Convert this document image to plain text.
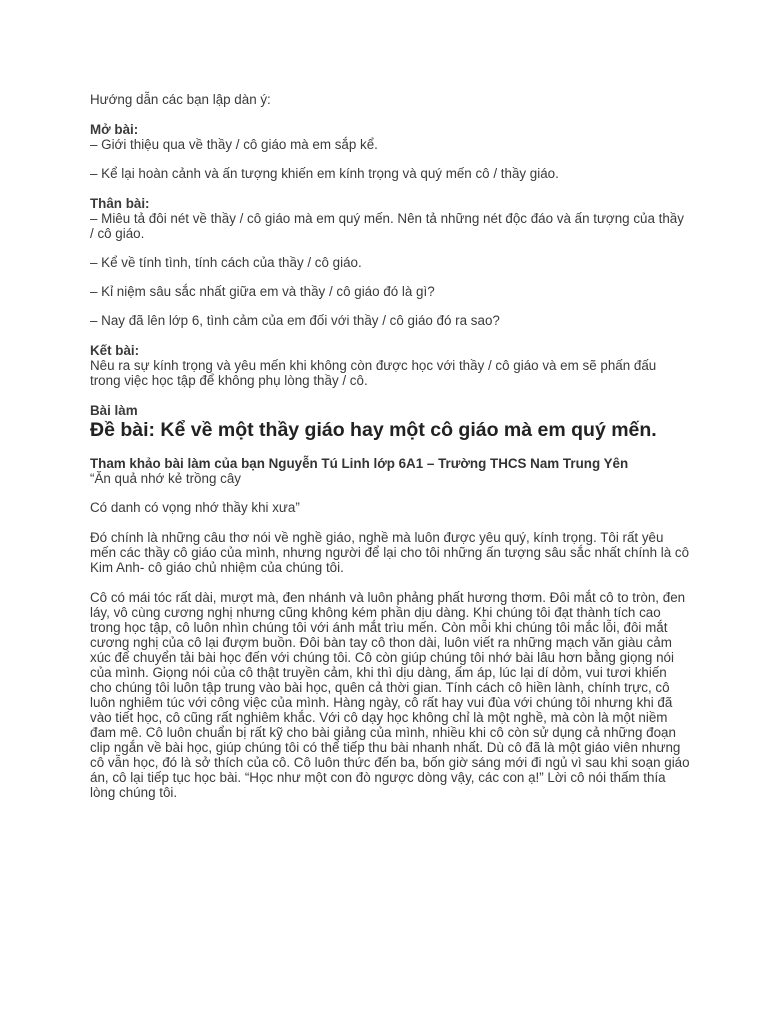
Hướng dẫn các bạn lập dàn ý:

Mở bài:

– Giới thiệu qua về thầy / cô giáo mà em sắp kể.

– Kể lại hoàn cảnh và ấn tượng khiến em kính trọng và quý mến cô / thầy giáo.

Thân bài:

– Miêu tả đôi nét về thầy / cô giáo mà em quý mến. Nên tả những nét độc đáo và ấn tượng của thầy / cô giáo.

– Kể về tính tình, tính cách của thầy / cô giáo.

– Kỉ niệm sâu sắc nhất giữa em và thầy / cô giáo đó là gì?

– Nay đã lên lớp 6, tình cảm của em đối với thầy / cô giáo đó ra sao?

Kết bài:

Nêu ra sự kính trọng và yêu mến khi không còn được học với thầy / cô giáo và em sẽ phấn đấu trong việc học tập để không phụ lòng thầy / cô.

Bài làm

Đề bài: Kể về một thầy giáo hay một cô giáo mà em quý mến.

Tham khảo bài làm của bạn Nguyễn Tú Linh lớp 6A1 – Trường THCS Nam Trung Yên

“Ăn quả nhớ kẻ trồng cây

Có danh có vọng nhớ thầy khi xưa”

Đó chính là những câu thơ nói về nghề giáo, nghề mà luôn được yêu quý, kính trọng. Tôi rất yêu mến các thầy cô giáo của mình, nhưng người để lại cho tôi những ấn tượng sâu sắc nhất chính là cô Kim Anh- cô giáo chủ nhiệm của chúng tôi.

Cô có mái tóc rất dài, mượt mà, đen nhánh và luôn phảng phất hương thơm. Đôi mắt cô to tròn, đen láy, vô cùng cương nghị nhưng cũng không kém phần dịu dàng. Khi chúng tôi đạt thành tích cao trong học tập, cô luôn nhìn chúng tôi với ánh mắt trìu mến. Còn mỗi khi chúng tôi mắc lỗi, đôi mắt cương nghị của cô lại đượm buồn. Đôi bàn tay cô thon dài, luôn viết ra những mạch văn giàu cảm xúc để chuyển tải bài học đến với chúng tôi. Cô còn giúp chúng tôi nhớ bài lâu hơn bằng giọng nói của mình. Giọng nói của cô thật truyền cảm, khi thì dịu dàng, ấm áp, lúc lại dí dỏm, vui tươi khiến cho chúng tôi luôn tập trung vào bài học, quên cả thời gian. Tính cách cô hiền lành, chính trực, cô luôn nghiêm túc với công việc của mình. Hàng ngày, cô rất hay vui đùa với chúng tôi nhưng khi đã vào tiết học, cô cũng rất nghiêm khắc. Với cô dạy học không chỉ là một nghề, mà còn là một niềm đam mê. Cô luôn chuẩn bị rất kỹ cho bài giảng của mình, nhiều khi cô còn sử dụng cả những đoạn clip ngắn về bài học, giúp chúng tôi có thể tiếp thu bài nhanh nhất. Dù cô đã là một giáo viên nhưng cô vẫn học, đó là sở thích của cô. Cô luôn thức đến ba, bốn giờ sáng mới đi ngủ vì sau khi soạn giáo án, cô lại tiếp tục học bài. “Học như một con đò ngược dòng vậy, các con ạ!” Lời cô nói thấm thía lòng chúng tôi.
